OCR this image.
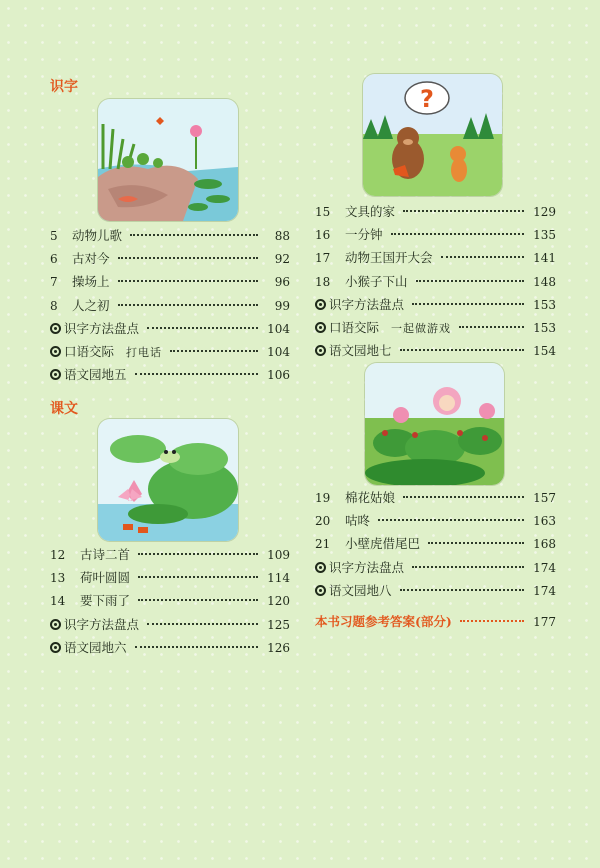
识字
5	动物儿歌	88
6	古对今	92
7	操场上	96
8	人之初	99
识字方法盘点	104
口语交际 打电话	104
语文园地五	106
课文
12	古诗二首	109
13	荷叶圆圆	114
14	要下雨了	120
识字方法盘点	125
语文园地六	126
?
15	文具的家	129
16	一分钟	135
17	动物王国开大会	141
18	小猴子下山	148
识字方法盘点	153
口语交际 一起做游戏	153
语文园地七	154
19	棉花姑娘	157
20	咕咚	163
21	小壁虎借尾巴	168
识字方法盘点	174
语文园地八	174
本书习题参考答案(部分)	177
